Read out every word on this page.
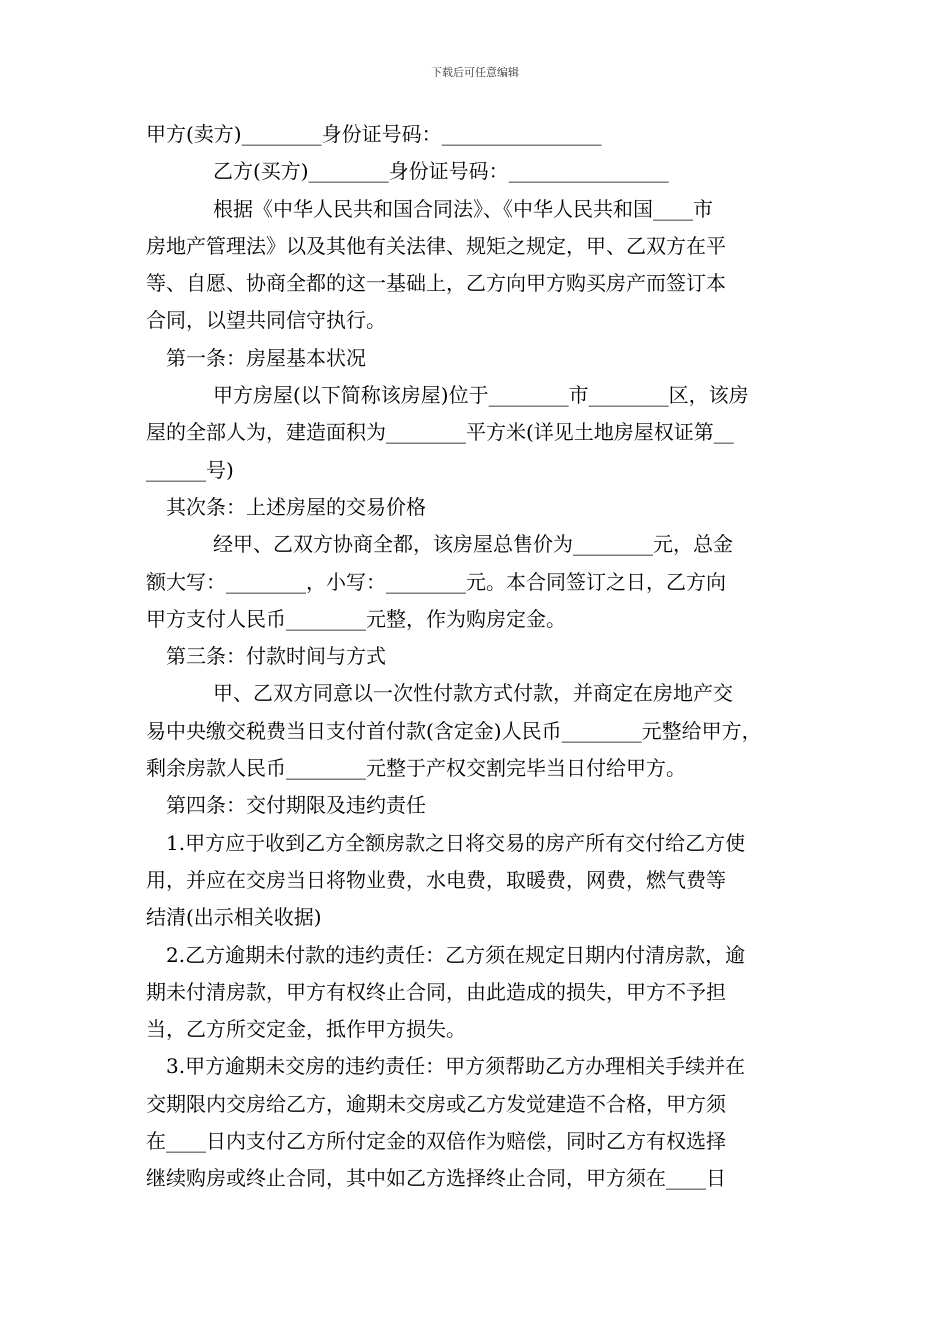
下载后可任意编辑
甲方(卖方)________身份证号码：________________
乙方(买方)________身份证号码：________________
根据《中华人民共和国合同法》、《中华人民共和国____市
房地产管理法》以及其他有关法律、规矩之规定，甲、乙双方在平
等、自愿、协商全都的这一基础上，乙方向甲方购买房产而签订本
合同，以望共同信守执行。
第一条：房屋基本状况
甲方房屋(以下简称该房屋)位于________市________区，该房
屋的全部人为，建造面积为________平方米(详见土地房屋权证第__
______号)
其次条：上述房屋的交易价格
经甲、乙双方协商全都，该房屋总售价为________元，总金
额大写：________，小写：________元。本合同签订之日，乙方向
甲方支付人民币________元整，作为购房定金。
第三条：付款时间与方式
甲、乙双方同意以一次性付款方式付款，并商定在房地产交
易中央缴交税费当日支付首付款(含定金)人民币________元整给甲方，
剩余房款人民币________元整于产权交割完毕当日付给甲方。
第四条：交付期限及违约责任
1.甲方应于收到乙方全额房款之日将交易的房产所有交付给乙方使
用，并应在交房当日将物业费，水电费，取暖费，网费，燃气费等
结清(出示相关收据)
2.乙方逾期未付款的违约责任：乙方须在规定日期内付清房款，逾
期未付清房款，甲方有权终止合同，由此造成的损失，甲方不予担
当，乙方所交定金，抵作甲方损失。
3.甲方逾期未交房的违约责任：甲方须帮助乙方办理相关手续并在
交期限内交房给乙方，逾期未交房或乙方发觉建造不合格，甲方须
在____日内支付乙方所付定金的双倍作为赔偿，同时乙方有权选择
继续购房或终止合同，其中如乙方选择终止合同，甲方须在____日
